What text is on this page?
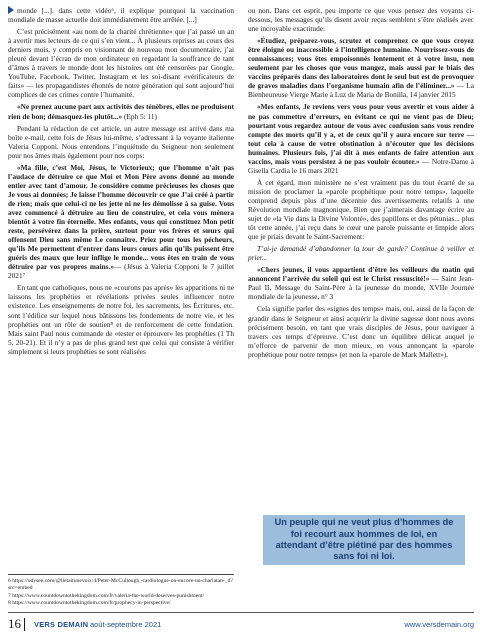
monde [...]. dans cette vidéo⁶, il explique pourquoi la vaccination mondiale de masse actuelle doit immédiatement être arrêtée. [...]

C’est précisément «au nom de la charité chrétienne» que j’ai passé un an à avertir mes lecteurs de ce qui s’en vient... À plusieurs reprises au cours des derniers mois, y compris en visionnant de nouveau mon documentaire, j’ai pleuré devant l’écran de mon ordinateur en regardant la souffrance de tant d’âmes à travers le monde dont les histoires ont été censurées par Google, YouTube, Facebook, Twitter, Instagram et les soi-disant «vérificateurs de faits» — les propagandistes éhontés de notre génération qui sont aujourd’hui complices de ces crimes contre l’humanité.

«Ne prenez aucune part aux activités des ténèbres, elles ne produisent rien de bon; démasquez-les plutôt...» (Eph 5: 11)

Pendant la rédaction de cet article, un autre message est arrivé dans ma boîte e-mail, cette fois de Jésus lui-même, s’adressant à la voyante italienne Valeria Copponi. Nous entendons l’inquiétude du Seigneur non seulement pour nos âmes mais également pour nos corps:

«Ma fille, c’est Moi, Jésus, le Victorieux; que l’homme n’ait pas l’audace de détruire ce que Moi et Mon Père avons donné au monde entier avec tant d’amour. Je considère comme précieuses les choses que Je vous ai données; Je laisse l’homme découvrir ce que J’ai créé à partir de rien; mais que celui-ci ne les jette ni ne les démolisse à sa guise. Vous avez commencé à détruire au lieu de construire, et cela vous mènera bientôt à votre fin éternelle. Mes enfants, vous qui constituez Mon petit reste, persévérez dans la prière, surtout pour vos frères et sœurs qui offensent Dieu sans même Le connaître. Priez pour tous les pécheurs, qu’ils Me permettent d’entrer dans leurs cœurs afin qu’ils puissent être guéris des maux que leur inflige le monde... vous êtes en train de vous détruire par vos propres mains.»— (Jésus à Valeria Copponi le 7 juillet 2021⁷

En tant que catholiques, nous ne «courons pas après» les apparitions ni ne laissons les prophéties et révélations privées seules influencer notre existence. Les enseignements de notre foi, les sacrements, les Écritures, etc. sont l’édifice sur lequel nous bâtissons les fondements de notre vie, et les prophéties ont un rôle de soutien⁸ et de renforcement de cette fondation. Mais saint Paul nous commande de «tester et éprouver» les prophéties (1 Th 5, 20-21). Et il n’y a pas de plus grand test que celui qui consiste à vérifier simplement si leurs prophéties se sont réalisées

ou non. Dans cet esprit, peu importe ce que vous pensez des voyants ci-dessous, les messages qu’ils disent avoir reçus semblent s’être réalisés avec une incroyable exactitude:

«Étudiez, préparez-vous, scrutez et comprenez ce que vous croyez être éloigné ou inaccessible à l’intelligence humaine. Nourrissez-vous de connaissances; vous êtes empoisonnés lentement et à votre insu, non seulement par les choses que vous mangez, mais aussi par le biais des vaccins préparés dans des laboratoires dont le seul but est de provoquer de graves maladies dans l’organisme humain afin de l’éliminer...» — La Bienheureuse Vierge Marie à Luz de Maria de Bonilla, 14 janvier 2015

«Mes enfants, Je reviens vers vous pour vous avertir et vous aider à ne pas commettre d’erreurs, en évitant ce qui ne vient pas de Dieu; pourtant vous regardez autour de vous avec confusion sans vous rendre compte des morts qu’il y a, et de ceux qu’il y aura encore sur terre — tout cela à cause de votre obstination à n’écouter que les décisions humaines. Plusieurs fois, j’ai dit à mes enfants de faire attention aux vaccins, mais vous persistez à ne pas vouloir écouter.» — Notre-Dame à Gisella Cardia le 16 mars 2021

À cet égard, mon ministère ne s’est vraiment pas du tout écarté de sa mission de proclamer la «parole prophétique pour notre temps», laquelle comprend depuis plus d’une décennie des avertissements relatifs à une Révolution mondiale magnonique. Bien que j’aimerais davantage écrire au sujet de «la Vie dans la Divine Volonté», des papillons et des pétunias... plus tôt cette année, j’ai reçu dans le cœur une parole puissante et limpide alors que je priais devant le Saint-Sacrement:

T’ai-je demandé d’abandonner la tour de garde? Continue à veiller et prier...

«Chers jeunes, il vous appartient d’être les veilleurs du matin qui annoncent l’arrivée du soleil qui est le Christ ressuscité!» — Saint Jean-Paul II, Message du Saint-Père à la jeunesse du monde, XVIIe Journée mondiale de la jeunesse, n° 3

Cela signifie parler des «signes des temps» mais, oui, aussi de la façon de grandir dans le Seigneur et ainsi acquérir la divine sagesse dont nous avons précisément besoin, en tant que vrais disciples de Jésus, pour naviguer à travers ces temps d’épreuve. C’est donc un équilibre délicat auquel je m’efforce de parvenir de mon mieux, en vous annonçant la «parole prophétique pour notre temps» (et non la «parole de Mark Mallett»).

6 https://odysee.com/@lletaitunevoix:4/Peter-McCullough,-cardiologue-ou-encore-un-charlatan-_d?src=embed
7 https://www.countdowntothekingdom.com/fr/valeria-the-world-deserves-punishment/
8 https://www.countdowntothekingdom.com/fr/prophecy-in-perspective/
Un peuple qui ne veut plus d’hommes de foi recourt aux hommes de loi, en attendant d’être piétiné par des hommes sans foi ni loi.
16 VERS DEMAIN août-septembre 2021	www.versdemain.org
